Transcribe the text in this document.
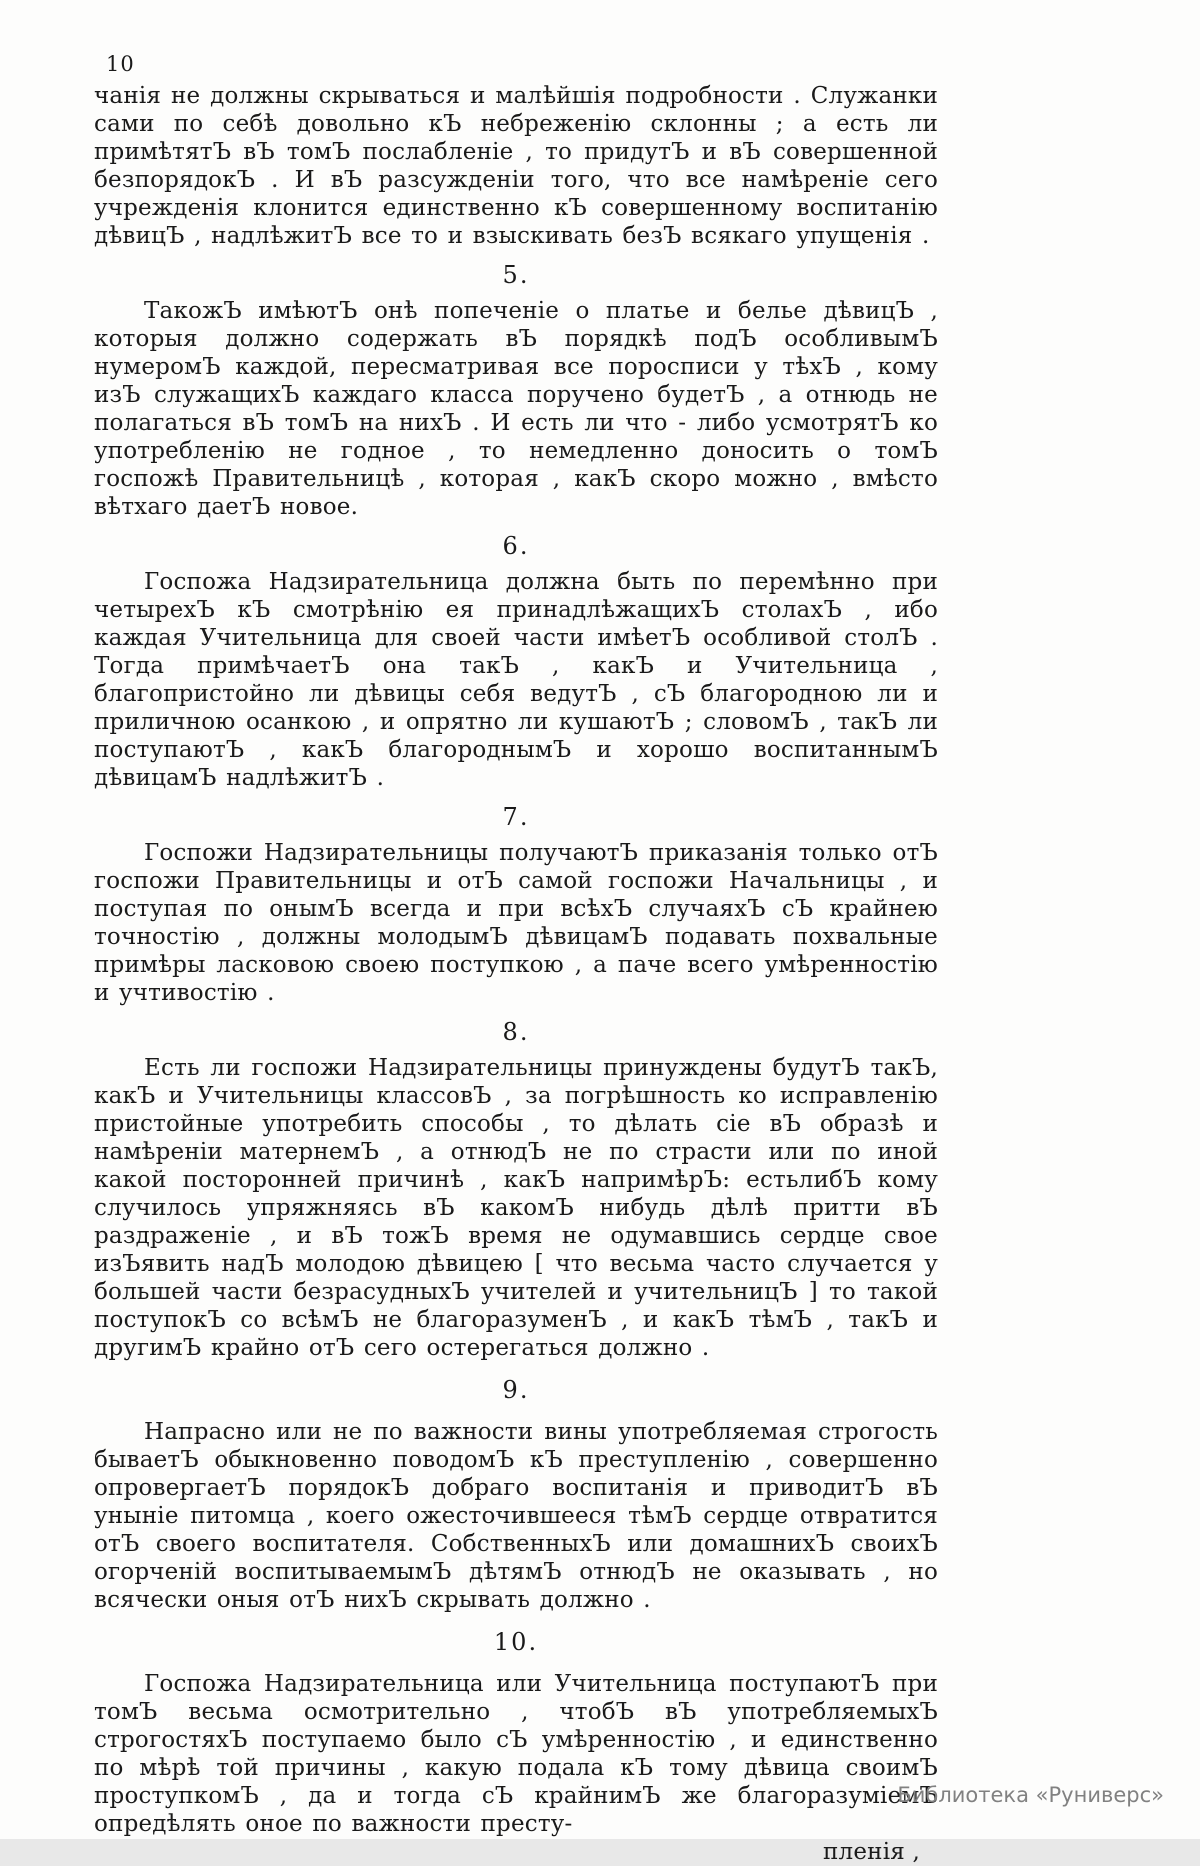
10

чанія не должны скрываться и малѣйшія подробности . Служанки сами по себѣ довольно кЪ небреженію склонны ; а есть ли примѣтятЪ вЪ томЪ послабленіе , то придутЪ и вЪ совершенной безпорядокЪ . И вЪ разсужденіи того, что все намѣреніе сего учрежденія клонится единственно кЪ совершенному воспитанію дѣвицЪ , надлѣжитЪ все то и взыскивать безЪ всякаго упущенія .

5.

ТакожЪ имѣютЪ онѣ попеченіе о платье и белье дѣвицЪ , которыя должно содержать вЪ порядкѣ подЪ особливымЪ нумеромЪ каждой, пересматривая все поросписи у тѣхЪ , кому изЪ служащихЪ каждаго класса поручено будетЪ , а отнюдь не полагаться вЪ томЪ на нихЪ . И есть ли что - либо усмотрятЪ ко употребленію не годное , то немедленно доносить о томЪ госпожѣ Правительницѣ , которая , какЪ скоро можно , вмѣсто вѣтхаго даетЪ новое.

6.

Госпожа Надзирательница должна быть по перемѣнно при четырехЪ кЪ смотрѣнію ея принадлѣжащихЪ столахЪ , ибо каждая Учительница для своей части имѣетЪ особливой столЪ . Тогда примѣчаетЪ она такЪ , какЪ и Учительница , благопристойно ли дѣвицы себя ведутЪ , сЪ благородною ли и приличною осанкою , и опрятно ли кушаютЪ ; словомЪ , такЪ ли поступаютЪ , какЪ благороднымЪ и хорошо воспитаннымЪ дѣвицамЪ надлѣжитЪ .

7.

Госпожи Надзирательницы получаютЪ приказанія только отЪ госпожи Правительницы и отЪ самой госпожи Начальницы , и поступая по онымЪ всегда и при всѣхЪ случаяхЪ сЪ крайнею точностію , должны молодымЪ дѣвицамЪ подавать похвальные примѣры ласковою своею поступкою , а паче всего умѣренностію и учтивостію .

8.

Есть ли госпожи Надзирательницы принуждены будутЪ такЪ, какЪ и Учительницы классовЪ , за погрѣшность ко исправленію пристойные употребить способы , то дѣлать сіе вЪ образѣ и намѣреніи матернемЪ , а отнюдЪ не по страсти или по иной какой посторонней причинѣ , какЪ напримѣрЪ: естьлибЪ кому случилось упряжняясь вЪ какомЪ нибудь дѣлѣ притти вЪ раздраженіе , и вЪ тожЪ время не одумавшись сердце свое изЪявить надЪ молодою дѣвицею [ что весьма часто случается у большей части безрасудныхЪ учителей и учительницЪ ] то такой поступокЪ со всѣмЪ не благоразуменЪ , и какЪ тѣмЪ , такЪ и другимЪ крайно отЪ сего остерегаться должно .

9.

Напрасно или не по важности вины употребляемая строгость бываетЪ обыкновенно поводомЪ кЪ преступленію , совершенно опровергаетЪ порядокЪ добраго воспитанія и приводитЪ вЪ уныніе питомца , коего ожесточившееся тѣмЪ сердце отвратится отЪ своего воспитателя. СобственныхЪ или домашнихЪ своихЪ огорченій воспитываемымЪ дѣтямЪ отнюдЪ не оказывать , но всячески оныя отЪ нихЪ скрывать должно .

10.

Госпожа Надзирательница или Учительница поступаютЪ при томЪ весьма осмотрительно , чтобЪ вЪ употребляемыхЪ строгостяхЪ поступаемо было сЪ умѣренностію , и единственно по мѣрѣ той причины , какую подала кЪ тому дѣвица своимЪ проступкомЪ , да и тогда сЪ крайнимЪ же благоразуміемЪ опредѣлять оное по важности престу-

пленія ,

Библиотека «Руниверс»
